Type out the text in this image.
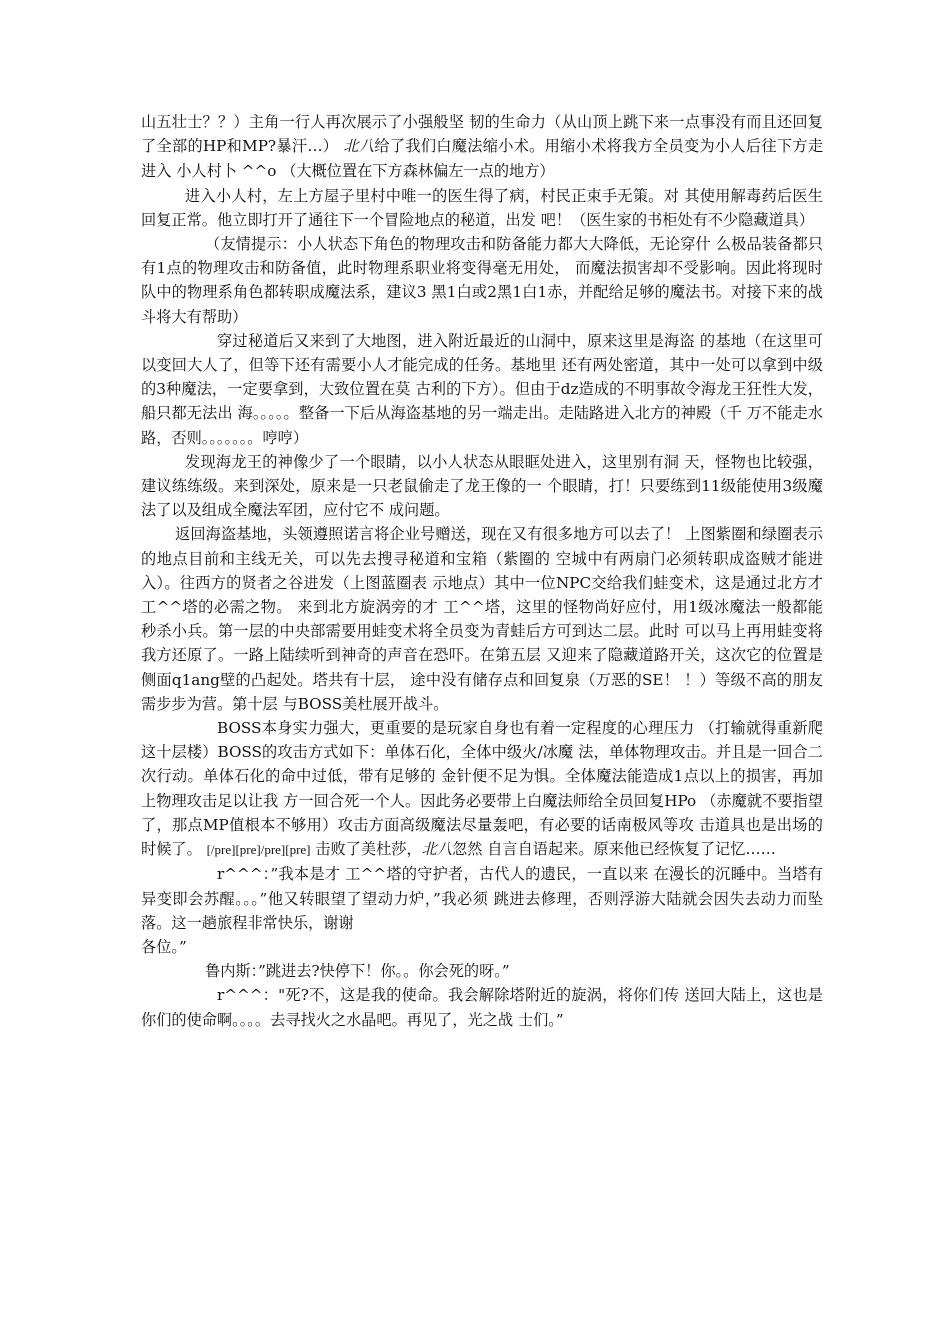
山五壮士？？）主角一行人再次展示了小强般坚 韧的生命力（从山顶上跳下来一点事没有而且还回复了全部的HP和MP?暴汗…） 北八给了我们白魔法缩小术。用缩小术将我方全员变为小人后往下方走进入 小人村卜 ^^o （大概位置在下方森林偏左一点的地方）

进入小人村，左上方屋子里村中唯一的医生得了病，村民正束手无策。对 其使用解毒药后医生回复正常。他立即打开了通往下一个冒险地点的秘道，出发 吧！（医生家的书柜处有不少隐藏道具）

（友情提示：小人状态下角色的物理攻击和防备能力都大大降低，无论穿什 么极品装备都只有1点的物理攻击和防备值，此时物理系职业将变得毫无用处， 而魔法损害却不受影响。因此将现时队中的物理系角色都转职成魔法系，建议3 黑1白或2黑1白1赤，并配给足够的魔法书。对接下来的战斗将大有帮助）

穿过秘道后又来到了大地图，进入附近最近的山洞中，原来这里是海盗 的基地（在这里可以变回大人了，但等下还有需要小人才能完成的任务。基地里 还有两处密道，其中一处可以拿到中级的3种魔法，一定要拿到，大致位置在莫 古利的下方）。但由于dz造成的不明事故令海龙王狂性大发，船只都无法出 海。。。。。整备一下后从海盗基地的另一端走出。走陆路进入北方的神殿（千 万不能走水路，否则。。。。。。。哼哼）

发现海龙王的神像少了一个眼睛，以小人状态从眼眶处进入，这里别有洞 天，怪物也比较强，建议练练级。来到深处，原来是一只老鼠偷走了龙王像的一 个眼睛，打！只要练到11级能使用3级魔法了以及组成全魔法军团，应付它不 成问题。

返回海盗基地，头领遵照诺言将企业号赠送，现在又有很多地方可以去了！ 上图紫圈和绿圈表示的地点目前和主线无关，可以先去搜寻秘道和宝箱（紫圈的 空城中有两扇门必须转职成盗贼才能进入）。往西方的贤者之谷进发（上图蓝圈表 示地点）其中一位NPC交给我们蛙变术，这是通过北方才 工^^塔的必需之物。 来到北方旋涡旁的才 工^^塔，这里的怪物尚好应付，用1级冰魔法一般都能 秒杀小兵。第一层的中央部需要用蛙变术将全员变为青蛙后方可到达二层。此时 可以马上再用蛙变将我方还原了。一路上陆续听到神奇的声音在恐吓。在第五层 又迎来了隐藏道路开关，这次它的位置是侧面q1ang壁的凸起处。塔共有十层， 途中没有储存点和回复泉（万恶的SE！ ！）等级不高的朋友需步步为营。第十层 与BOSS美杜展开战斗。

BOSS本身实力强大，更重要的是玩家自身也有着一定程度的心理压力 （打输就得重新爬这十层楼）BOSS的攻击方式如下：单体石化，全体中级火/冰魔 法，单体物理攻击。并且是一回合二次行动。单体石化的命中过低，带有足够的 金针便不足为惧。全体魔法能造成1点以上的损害，再加上物理攻击足以让我 方一回合死一个人。因此务必要带上白魔法师给全员回复HPo （赤魔就不要指望 了，那点MP值根本不够用）攻击方面高级魔法尽量轰吧，有必要的话南极风等攻 击道具也是出场的时候了。 [/pre][pre]/pre][pre] 击败了美杜莎，北八忽然 自言自语起来。原来他已经恢复了记忆……

r^^^：”我本是才 工^^塔的守护者，古代人的遗民，一直以来 在漫长的沉睡中。当塔有异变即会苏醒。。。”他又转眼望了望动力炉，”我必须 跳进去修理，否则浮游大陆就会因失去动力而坠落。这一趟旅程非常快乐，谢谢

各位。”

鲁内斯：”跳进去?快停下！你。。你会死的呀。”

r^^^："死?不，这是我的使命。我会解除塔附近的旋涡，将你们传 送回大陆上，这也是你们的使命啊。。。。去寻找火之水晶吧。再见了，光之战 士们。”
